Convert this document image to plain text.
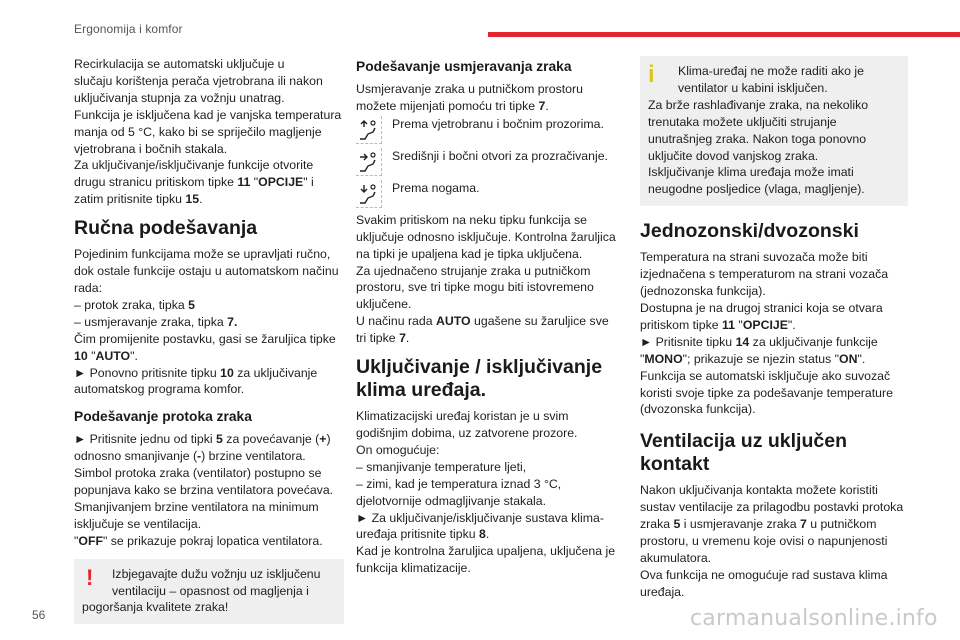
Ergonomija i komfor

Recirkulacija se automatski uključuje u
slučaju korištenja perača vjetrobrana ili nakon
uključivanja stupnja za vožnju unatrag.
Funkcija je isključena kad je vanjska temperatura
manja od 5 °C, kako bi se spriječilo magljenje
vjetrobrana i bočnih stakala.
Za uključivanje/isključivanje funkcije otvorite
drugu stranicu pritiskom tipke 11 "OPCIJE" i
zatim pritisnite tipku 15.

Ručna podešavanja

Pojedinim funkcijama može se upravljati ručno,
dok ostale funkcije ostaju u automatskom načinu
rada:
– protok zraka, tipka 5
– usmjeravanje zraka, tipka 7.
Čim promijenite postavku, gasi se žaruljica tipke
10 "AUTO".
► Ponovno pritisnite tipku 10 za uključivanje
automatskog programa komfor.

Podešavanje protoka zraka

► Pritisnite jednu od tipki 5 za povećavanje (+)
odnosno smanjivanje (-) brzine ventilatora.
Simbol protoka zraka (ventilator) postupno se
popunjava kako se brzina ventilatora povećava.
Smanjivanjem brzine ventilatora na minimum
isključuje se ventilacija.
"OFF" se prikazuje pokraj lopatica ventilatora.

!	Izbjegavajte dužu vožnju uz isključenu
ventilaciju – opasnost od magljenja i
pogoršanja kvalitete zraka!
Podešavanje usmjeravanja zraka

Usmjeravanje zraka u putničkom prostoru
možete mijenjati pomoću tri tipke 7.

Prema vjetrobranu i bočnim prozorima.
Središnji i bočni otvori za prozračivanje.
Prema nogama.

Svakim pritiskom na neku tipku funkcija se
uključuje odnosno isključuje. Kontrolna žaruljica
na tipki je upaljena kad je tipka uključena.
Za ujednačeno strujanje zraka u putničkom
prostoru, sve tri tipke mogu biti istovremeno
uključene.
U načinu rada AUTO ugašene su žaruljice sve
tri tipke 7.

Uključivanje / isključivanje klima uređaja.

Klimatizacijski uređaj koristan je u svim
godišnjim dobima, uz zatvorene prozore.
On omogućuje:
– smanjivanje temperature ljeti,
– zimi, kad je temperatura iznad 3 °C,
djelotvornije odmagljivanje stakala.
► Za uključivanje/isključivanje sustava klima-
uređaja pritisnite tipku 8.
Kad je kontrolna žaruljica upaljena, uključena je
funkcija klimatizacije.

i	Klima-uređaj ne može raditi ako je
ventilator u kabini isključen.
Za brže rashlađivanje zraka, na nekoliko
trenutaka možete uključiti strujanje
unutrašnjeg zraka. Nakon toga ponovno
uključite dovod vanjskog zraka.
Isključivanje klima uređaja može imati
neugodne posljedice (vlaga, magljenje).
Jednozonski/dvozonski

Temperatura na strani suvozača može biti
izjednačena s temperaturom na strani vozača
(jednozonska funkcija).
Dostupna je na drugoj stranici koja se otvara
pritiskom tipke 11 "OPCIJE".
► Pritisnite tipku 14 za uključivanje funkcije
"MONO"; prikazuje se njezin status "ON".
Funkcija se automatski isključuje ako suvozač
koristi svoje tipke za podešavanje temperature
(dvozonska funkcija).

Ventilacija uz uključen kontakt

Nakon uključivanja kontakta možete koristiti
sustav ventilacije za prilagodbu postavki protoka
zraka 5 i usmjeravanje zraka 7 u putničkom
prostoru, u vremenu koje ovisi o napunjenosti
akumulatora.
Ova funkcija ne omogućuje rad sustava klima
uređaja.

56	carmanualsonline.info
